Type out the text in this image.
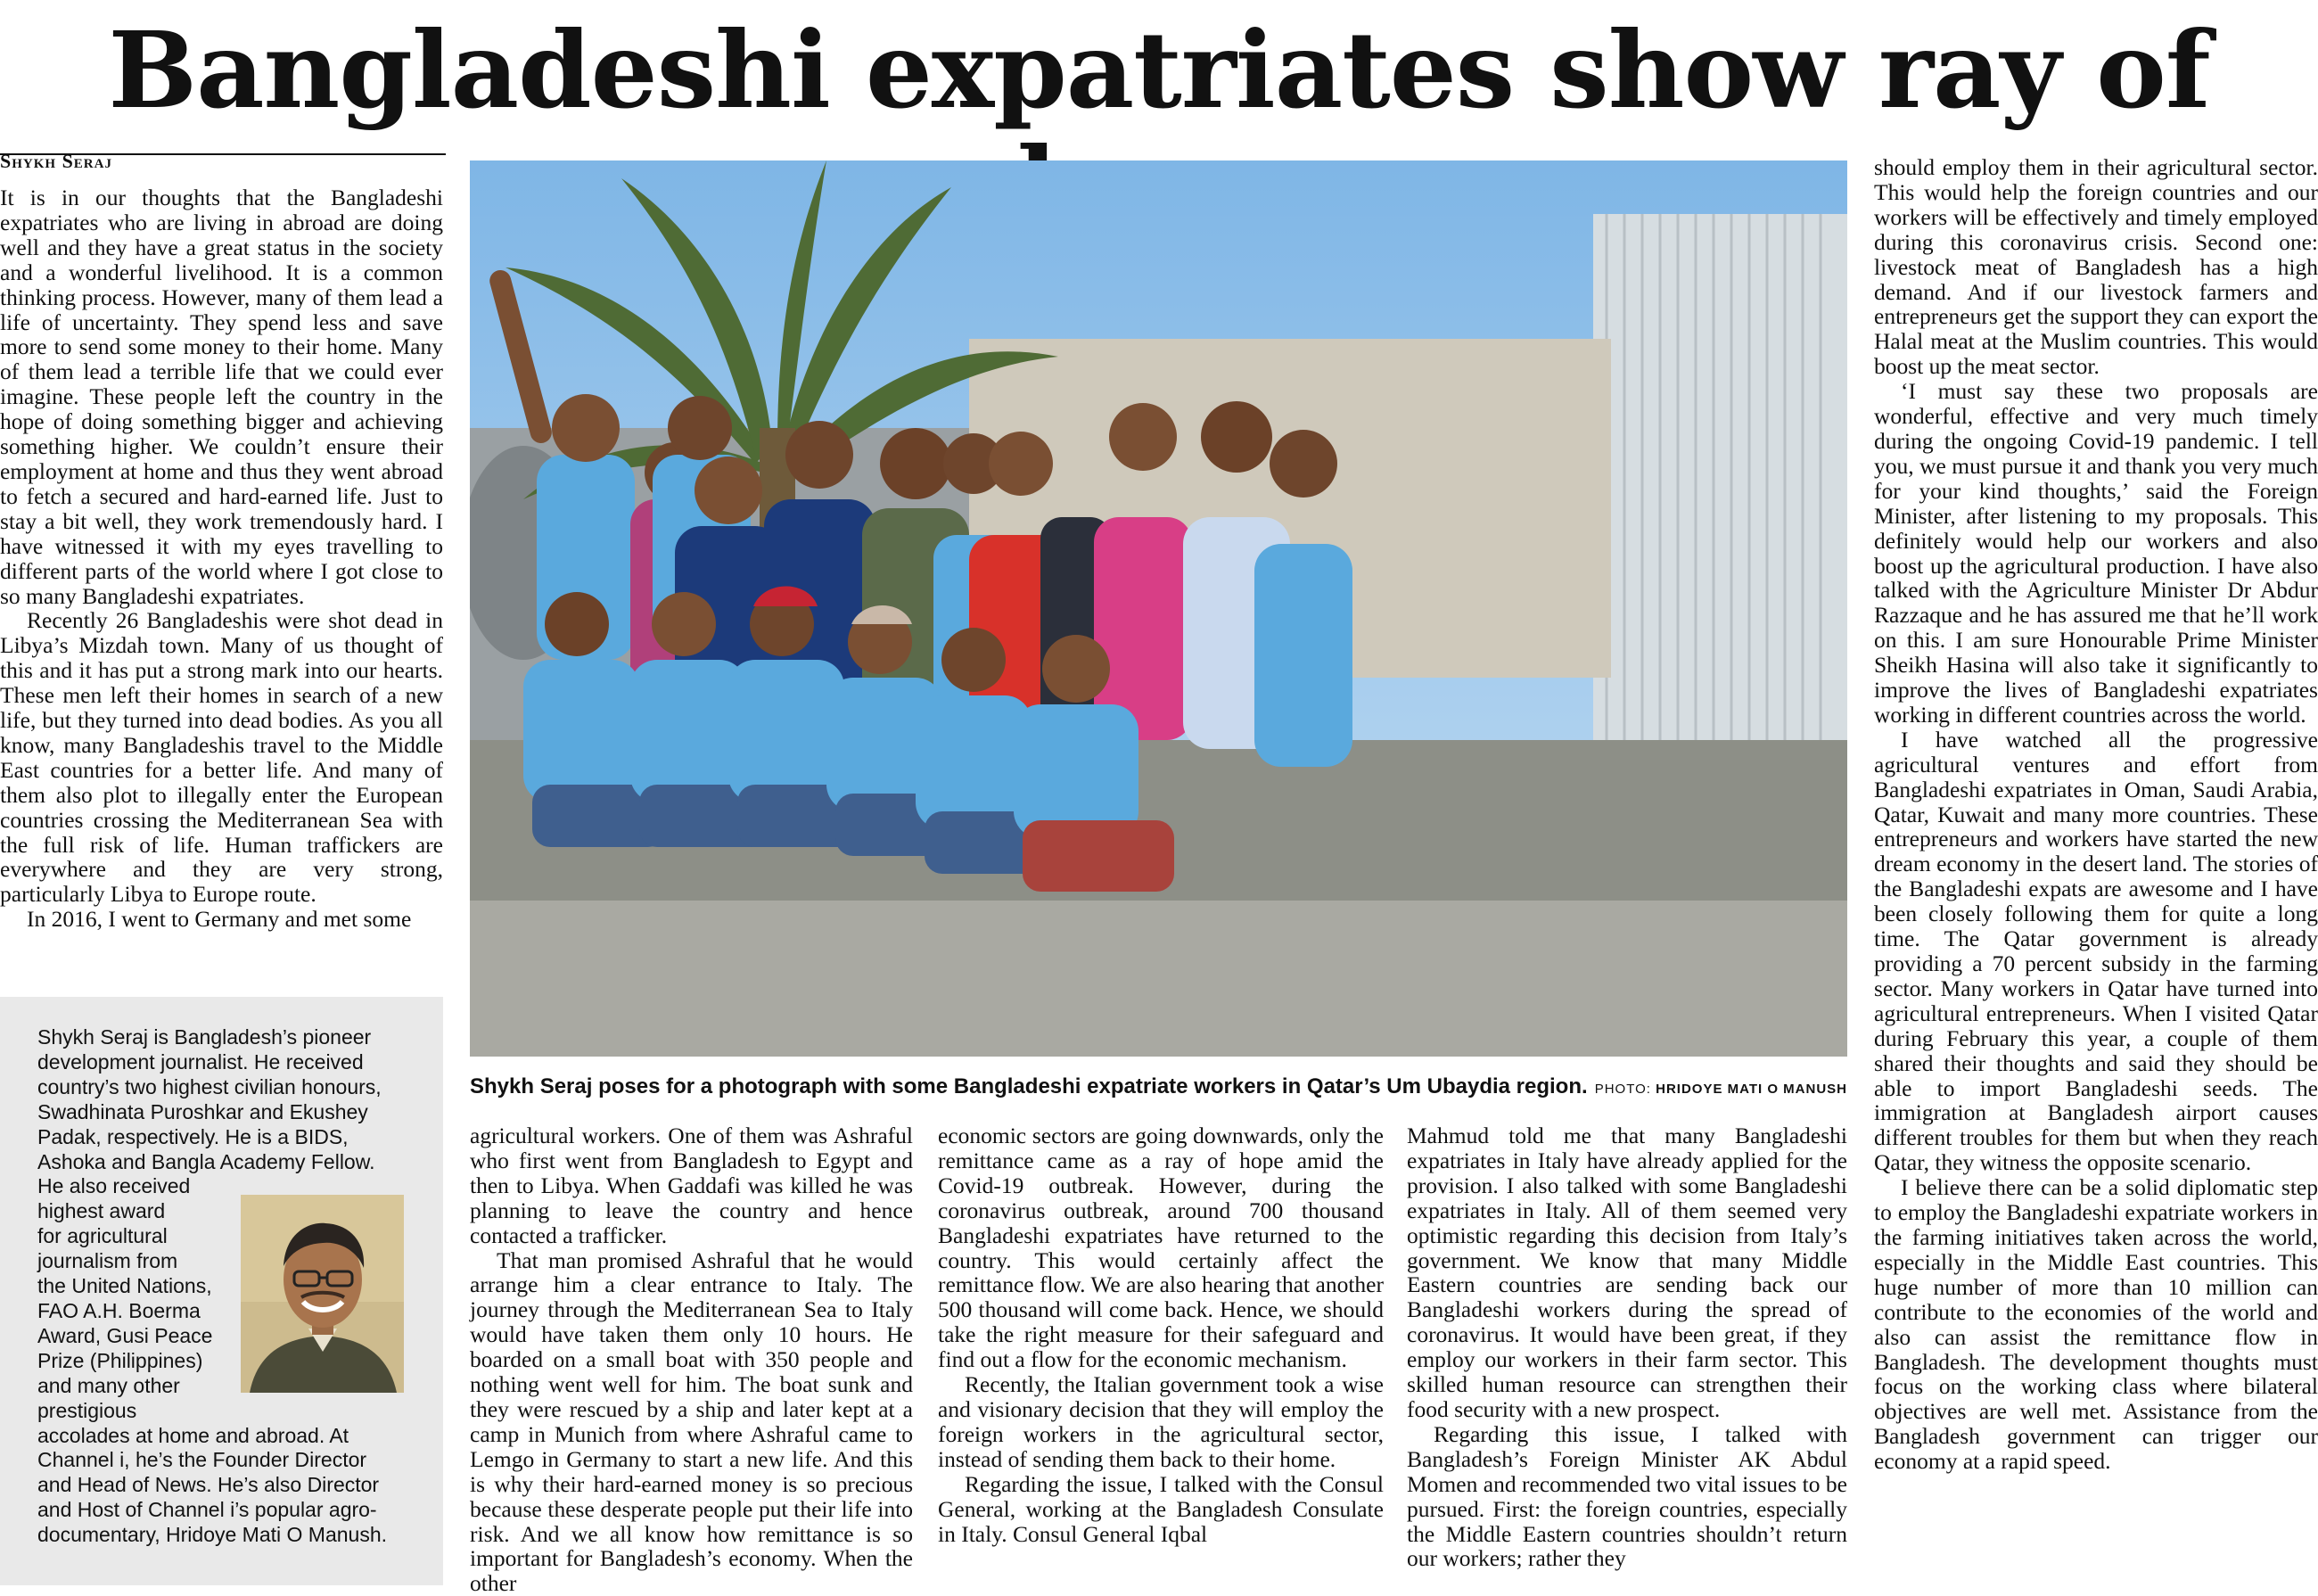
Bangladeshi expatriates show ray of
Shykh Seraj

It is in our thoughts that the Bangladeshi expatriates who are living in abroad are doing well and they have a great status in the society and a wonderful livelihood. It is a common thinking process. However, many of them lead a life of uncertainty. They spend less and save more to send some money to their home. Many of them lead a terrible life that we could ever imagine. These people left the country in the hope of doing something bigger and achieving something higher. We couldn’t ensure their employment at home and thus they went abroad to fetch a secured and hard-earned life. Just to stay a bit well, they work tremendously hard. I have witnessed it with my eyes travelling to different parts of the world where I got close to so many Bangladeshi expatriates.

Recently 26 Bangladeshis were shot dead in Libya’s Mizdah town. Many of us thought of this and it has put a strong mark into our hearts. These men left their homes in search of a new life, but they turned into dead bodies. As you all know, many Bangladeshis travel to the Middle East countries for a better life. And many of them also plot to illegally enter the European countries crossing the Mediterranean Sea with the full risk of life. Human traffickers are everywhere and they are very strong, particularly Libya to Europe route.

In 2016, I went to Germany and met some

Shykh Seraj is Bangladesh’s pioneer
development journalist. He received
country’s two highest civilian honours,
Swadhinata Puroshkar and Ekushey
Padak, respectively. He is a BIDS,
Ashoka and Bangla Academy Fellow.
He also received
highest award
for agricultural
journalism from
the United Nations,
FAO A.H. Boerma
Award, Gusi Peace
Prize (Philippines)
and many other
prestigious
accolades at home and abroad. At
Channel i, he’s the Founder Director
and Head of News. He’s also Director
and Host of Channel i’s popular agro-
documentary, Hridoye Mati O Manush.
Shykh Seraj poses for a photograph with some Bangladeshi expatriate workers in Qatar’s Um Ubaydia region. PHOTO: HRIDOYE MATI O MANUSH

agricultural workers. One of them was Ashraful who first went from Bangladesh to Egypt and then to Libya. When Gaddafi was killed he was planning to leave the country and hence contacted a trafficker.

That man promised Ashraful that he would arrange him a clear entrance to Italy. The journey through the Mediterranean Sea to Italy would have taken them only 10 hours. He boarded on a small boat with 350 people and nothing went well for him. The boat sunk and they were rescued by a ship and later kept at a camp in Munich from where Ashraful came to Lemgo in Germany to start a new life. And this is why their hard-earned money is so precious because these desperate people put their life into risk. And we all know how remittance is so important for Bangladesh’s economy. When the other

economic sectors are going downwards, only the remittance came as a ray of hope amid the Covid-19 outbreak. However, during the coronavirus outbreak, around 700 thousand Bangladeshi expatriates have returned to the country. This would certainly affect the remittance flow. We are also hearing that another 500 thousand will come back. Hence, we should take the right measure for their safeguard and find out a flow for the economic mechanism.

Recently, the Italian government took a wise and visionary decision that they will employ the foreign workers in the agricultural sector, instead of sending them back to their home.

Regarding the issue, I talked with the Consul General, working at the Bangladesh Consulate in Italy. Consul General Iqbal

Mahmud told me that many Bangladeshi expatriates in Italy have already applied for the provision. I also talked with some Bangladeshi expatriates in Italy. All of them seemed very optimistic regarding this decision from Italy’s government. We know that many Middle Eastern countries are sending back our Bangladeshi workers during the spread of coronavirus. It would have been great, if they employ our workers in their farm sector. This skilled human resource can strengthen their food security with a new prospect.

Regarding this issue, I talked with Bangladesh’s Foreign Minister AK Abdul Momen and recommended two vital issues to be pursued. First: the foreign countries, especially the Middle Eastern countries shouldn’t return our workers; rather they

should employ them in their agricultural sector. This would help the foreign countries and our workers will be effectively and timely employed during this coronavirus crisis. Second one: livestock meat of Bangladesh has a high demand. And if our livestock farmers and entrepreneurs get the support they can export the Halal meat at the Muslim countries. This would boost up the meat sector.

‘I must say these two proposals are wonderful, effective and very much timely during the ongoing Covid-19 pandemic. I tell you, we must pursue it and thank you very much for your kind thoughts,’ said the Foreign Minister, after listening to my proposals. This definitely would help our workers and also boost up the agricultural production. I have also talked with the Agriculture Minister Dr Abdur Razzaque and he has assured me that he’ll work on this. I am sure Honourable Prime Minister Sheikh Hasina will also take it significantly to improve the lives of Bangladeshi expatriates working in different countries across the world.

I have watched all the progressive agricultural ventures and effort from Bangladeshi expatriates in Oman, Saudi Arabia, Qatar, Kuwait and many more countries. These entrepreneurs and workers have started the new dream economy in the desert land. The stories of the Bangladeshi expats are awesome and I have been closely following them for quite a long time. The Qatar government is already providing a 70 percent subsidy in the farming sector. Many workers in Qatar have turned into agricultural entrepreneurs. When I visited Qatar during February this year, a couple of them shared their thoughts and said they should be able to import Bangladeshi seeds. The immigration at Bangladesh airport causes different troubles for them but when they reach Qatar, they witness the opposite scenario.

I believe there can be a solid diplomatic step to employ the Bangladeshi expatriate workers in the farming initiatives taken across the world, especially in the Middle East countries. This huge number of more than 10 million can contribute to the economies of the world and also can assist the remittance flow in Bangladesh. The development thoughts must focus on the working class where bilateral objectives are well met. Assistance from the Bangladesh government can trigger our economy at a rapid speed.
